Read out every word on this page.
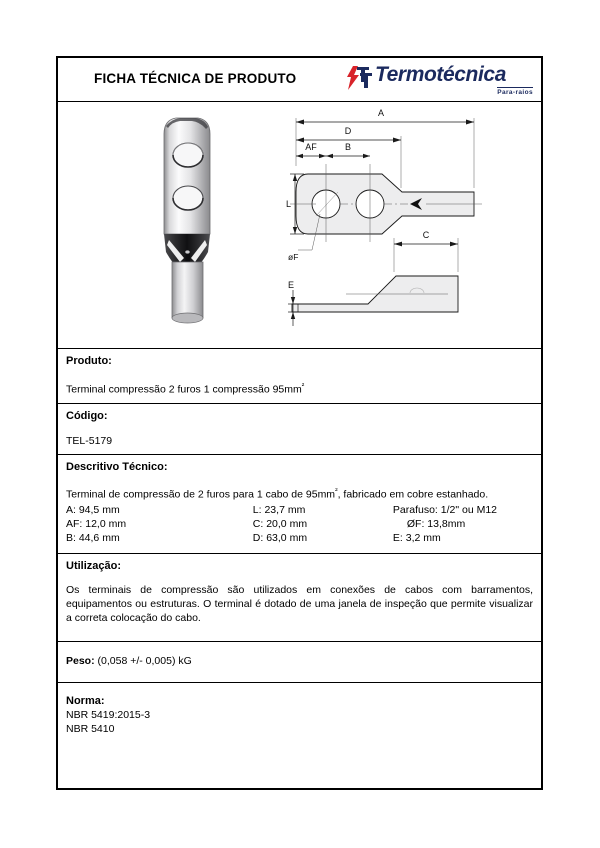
FICHA TÉCNICA DE PRODUTO	Termotécnica
Para-raios
A
D
AF	B
L
øF
C
E
Produto:
Terminal compressão 2 furos 1 compressão $95mm^{^2}$
Código:
TEL-5179
Descritivo Técnico:
Terminal de compressão de 2 furos para 1 cabo de $95mm^{^2}$, fabricado em cobre estanhado.
A: 94,5 mm	L: 23,7 mm	Parafuso: 1/2" ou M12
AF: 12,0 mm	C: 20,0 mm	ØF: 13,8mm
B: 44,6 mm	D: 63,0 mm	E: 3,2 mm
Utilização:
Os terminais de compressão são utilizados em conexões de cabos com barramentos, equipamentos ou estruturas. O terminal é dotado de uma janela de inspeção que permite visualizar a correta colocação do cabo.
Peso: (0,058 +/- 0,005) kG
Norma:
NBR 5419:2015-3
NBR 5410
